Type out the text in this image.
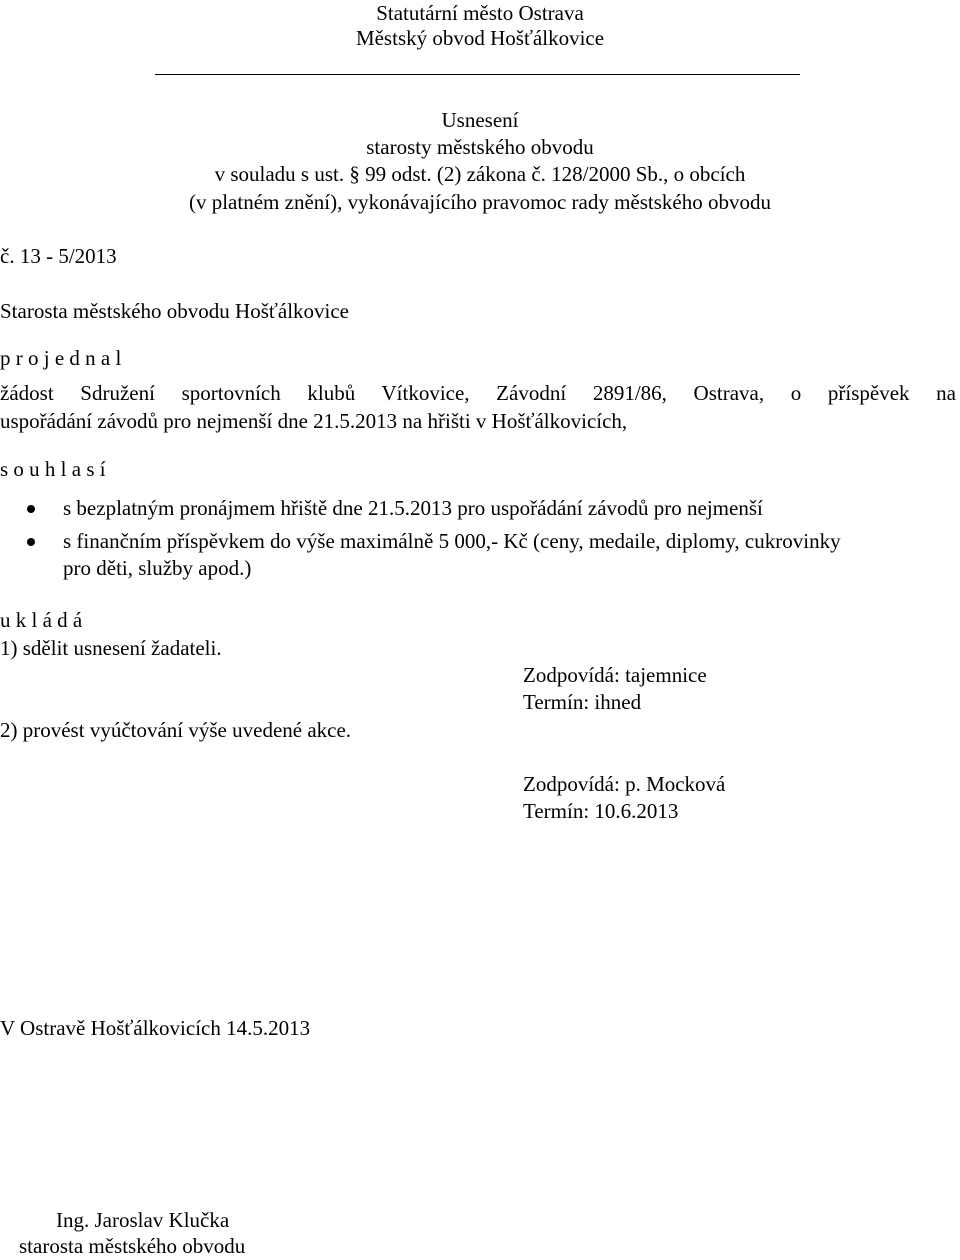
Statutární město Ostrava
Městský obvod Hošťálkovice
Usnesení
starosty městského obvodu
v souladu s ust. § 99 odst. (2) zákona č. 128/2000 Sb., o obcích
(v platném znění), vykonávajícího pravomoc rady městského obvodu
č. 13 - 5/2013
Starosta městského obvodu Hošťálkovice
p r o j e d n a l
žádost Sdružení sportovních klubů Vítkovice, Závodní 2891/86, Ostrava, o příspěvek na
uspořádání závodů pro nejmenší dne 21.5.2013 na hřišti v Hošťálkovicích,
s o u h l a s í
s bezplatným pronájmem hřiště dne 21.5.2013 pro uspořádání závodů pro nejmenší
s finančním příspěvkem do výše maximálně 5 000,- Kč (ceny, medaile, diplomy, cukrovinky
pro děti, služby apod.)
u k l á d á
1) sdělit usnesení žadateli.
Zodpovídá: tajemnice
Termín: ihned
2) provést vyúčtování výše uvedené akce.
Zodpovídá: p. Mocková
Termín: 10.6.2013
V Ostravě Hošťálkovicích 14.5.2013
Ing. Jaroslav Klučka
starosta městského obvodu
